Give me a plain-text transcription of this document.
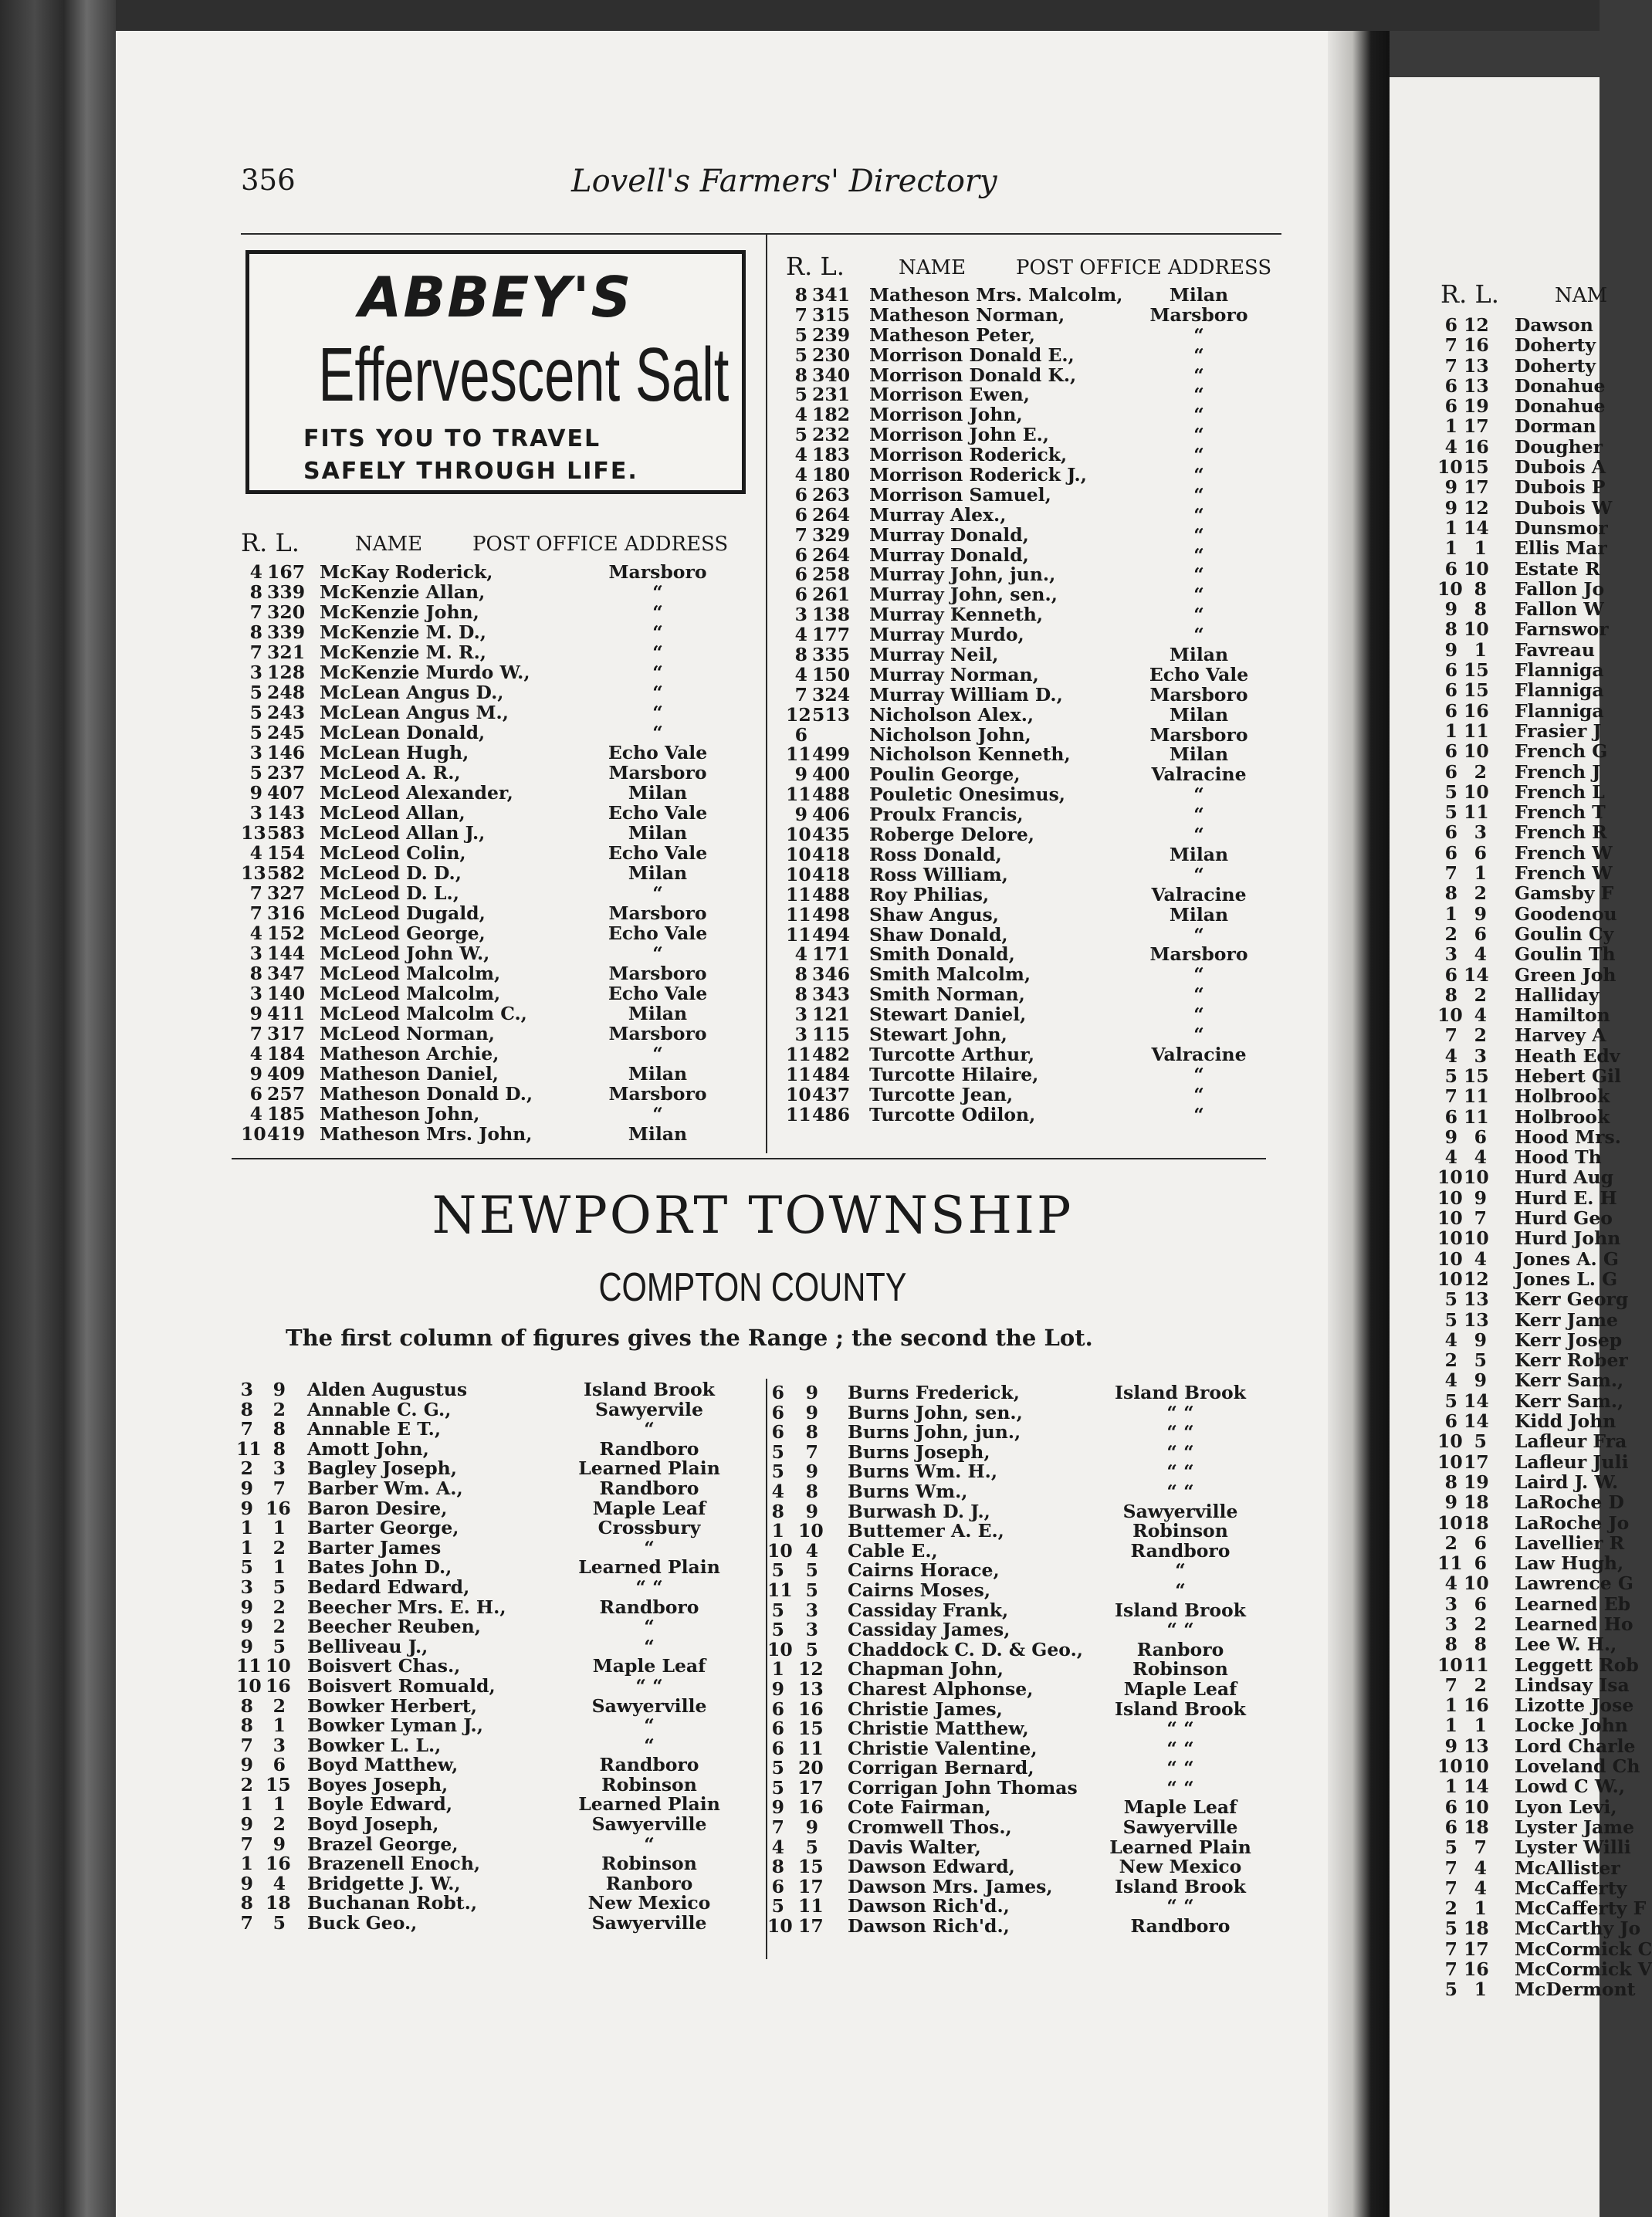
356	Lovell's Farmers' Directory
ABBEY'S
Effervescent Salt
FITS YOU TO TRAVEL
SAFELY THROUGH LIFE.
R. L.	NAME POST OFFICE ADDRESS
R. L.	NAME POST OFFICE ADDRESS
4 167 McKay Roderick,	Marsboro
8 339 McKenzie Allan,	“
7 320 McKenzie John,	“
8 339 McKenzie M. D.,	“
7 321 McKenzie M. R.,	“
3 128 McKenzie Murdo W.,	“
5 248 McLean Angus D.,	“
5 243 McLean Angus M.,	“
5 245 McLean Donald,	“
3 146 McLean Hugh,	Echo Vale
5 237 McLeod A. R.,	Marsboro
9 407 McLeod Alexander,	Milan
3 143 McLeod Allan,	Echo Vale
13 583 McLeod Allan J.,	Milan
4 154 McLeod Colin,	Echo Vale
13 582 McLeod D. D.,	Milan
7 327 McLeod D. L.,	“
7 316 McLeod Dugald,	Marsboro
4 152 McLeod George,	Echo Vale
3 144 McLeod John W.,	“
8 347 McLeod Malcolm,	Marsboro
3 140 McLeod Malcolm,	Echo Vale
9 411 McLeod Malcolm C.,	Milan
7 317 McLeod Norman,	Marsboro
4 184 Matheson Archie,	“
9 409 Matheson Daniel,	Milan
6 257 Matheson Donald D.,	Marsboro
4 185 Matheson John,	“
10 419 Matheson Mrs. John,	Milan
8 341 Matheson Mrs. Malcolm,	Milan
7 315 Matheson Norman,	Marsboro
5 239 Matheson Peter,	“
5 230 Morrison Donald E.,	“
8 340 Morrison Donald K.,	“
5 231 Morrison Ewen,	“
4 182 Morrison John,	“
5 232 Morrison John E.,	“
4 183 Morrison Roderick,	“
4 180 Morrison Roderick J.,	“
6 263 Morrison Samuel,	“
6 264 Murray Alex.,	“
7 329 Murray Donald,	“
6 264 Murray Donald,	“
6 258 Murray John, jun.,	“
6 261 Murray John, sen.,	“
3 138 Murray Kenneth,	“
4 177 Murray Murdo,	“
8 335 Murray Neil,	Milan
4 150 Murray Norman,	Echo Vale
7 324 Murray William D.,	Marsboro
12 513 Nicholson Alex.,	Milan
6	Nicholson John,	Marsboro
11 499 Nicholson Kenneth,	Milan
9 400 Poulin George,	Valracine
11 488 Pouletic Onesimus,	“
9 406 Proulx Francis,	“
10 435 Roberge Delore,	“
10 418 Ross Donald,	Milan
10 418 Ross William,	“
11 488 Roy Philias,	Valracine
11 498 Shaw Angus,	Milan
11 494 Shaw Donald,	“
4 171 Smith Donald,	Marsboro
8 346 Smith Malcolm,	“
8 343 Smith Norman,	“
3 121 Stewart Daniel,	“
3 115 Stewart John,	“
11 482 Turcotte Arthur,	Valracine
11 484 Turcotte Hilaire,	“
10 437 Turcotte Jean,	“
11 486 Turcotte Odilon,	“
NEWPORT TOWNSHIP
COMPTON COUNTY
The first column of figures gives the Range ; the second the Lot.
3	9 Alden Augustus	Island Brook
8	2 Annable C. G.,	Sawyervile
7	8 Annable E T.,	“
11 8 Amott John,	Randboro
2	3 Bagley Joseph,	Learned Plain
9	7 Barber Wm. A.,	Randboro
9 16 Baron Desire,	Maple Leaf
1	1 Barter George,	Crossbury
1	2 Barter James	“
5	1 Bates John D.,	Learned Plain
3	5 Bedard Edward,	“ “
9	2 Beecher Mrs. E. H.,	Randboro
9	2 Beecher Reuben,	“
9	5 Belliveau J.,	“
11 10 Boisvert Chas.,	Maple Leaf
10 16 Boisvert Romuald,	“ “
8	2 Bowker Herbert,	Sawyerville
8	1 Bowker Lyman J.,	“
7	3 Bowker L. L.,	“
9	6 Boyd Matthew,	Randboro
2 15 Boyes Joseph,	Robinson
1	1 Boyle Edward,	Learned Plain
9	2 Boyd Joseph,	Sawyerville
7	9 Brazel George,	“
1 16 Brazenell Enoch,	Robinson
9	4 Bridgette J. W.,	Ranboro
8 18 Buchanan Robt.,	New Mexico
7	5 Buck Geo.,	Sawyerville
6	9 Burns Frederick,	Island Brook
6	9 Burns John, sen.,	“ “
6	8 Burns John, jun.,	“ “
5	7 Burns Joseph,	“ “
5	9 Burns Wm. H.,	“ “
4	8 Burns Wm.,	“ “
8	9 Burwash D. J.,	Sawyerville
1 10 Buttemer A. E.,	Robinson
10 4 Cable E.,	Randboro
5	5 Cairns Horace,	“
11 5 Cairns Moses,	“
5	3 Cassiday Frank,	Island Brook
5	3 Cassiday James,	“ “
10 5 Chaddock C. D. & Geo.,	Ranboro
1 12 Chapman John,	Robinson
9 13 Charest Alphonse,	Maple Leaf
6 16 Christie James,	Island Brook
6 15 Christie Matthew,	“ “
6 11 Christie Valentine,	“ “
5 20 Corrigan Bernard,	“ “
5 17 Corrigan John Thomas	“ “
9 16 Cote Fairman,	Maple Leaf
7	9 Cromwell Thos.,	Sawyerville
4	5 Davis Walter,	Learned Plain
8 15 Dawson Edward,	New Mexico
6 17 Dawson Mrs. James,	Island Brook
5 11 Dawson Rich'd.,	“ “
10 17 Dawson Rich'd.,	Randboro
R. L.	NAM
6 12 Dawson
7 16 Doherty
7 13 Doherty
6 13 Donahue
6 19 Donahue
1 17 Dorman
4 16 Dougher
10 15 Dubois A
9 17 Dubois P
9 12 Dubois W
1 14 Dunsmor
1 1 Ellis Mar
6 10 Estate R
10 8 Fallon Jo
9 8 Fallon W
8 10 Farnswor
9 1 Favreau
6 15 Flanniga
6 15 Flanniga
6 16 Flanniga
1 11 Frasier J
6 10 French G
6 2 French J
5 10 French L
5 11 French T
6 3 French R
6 6 French W
7 1 French W
8 2 Gamsby F
1 9 Goodenou
2 6 Goulin Cy
3 4 Goulin Th
6 14 Green Joh
8 2 Halliday
10 4 Hamilton
7 2 Harvey A
4 3 Heath Edv
5 15 Hebert Gil
7 11 Holbrook
6 11 Holbrook
9 6 Hood Mrs.
4 4 Hood Th
10 10 Hurd Aug
10 9 Hurd E. H
10 7 Hurd Geo
10 10 Hurd John
10 4 Jones A. G
10 12 Jones L. G
5 13 Kerr Georg
5 13 Kerr Jame
4 9 Kerr Josep
2 5 Kerr Rober
4 9 Kerr Sam.,
5 14 Kerr Sam.,
6 14 Kidd John
10 5 Lafleur Fra
10 17 Lafleur Juli
8 19 Laird J. W.
9 18 LaRoche D
10 18 LaRoche Jo
2 6 Lavellier R
11 6 Law Hugh,
4 10 Lawrence G
3 6 Learned Eb
3 2 Learned Ho
8 8 Lee W. H.,
10 11 Leggett Rob
7 2 Lindsay Isa
1 16 Lizotte Jose
1 1 Locke John
9 13 Lord Charle
10 10 Loveland Ch
1 14 Lowd C W.,
6 10 Lyon Levi,
6 18 Lyster Jame
5 7 Lyster Willi
7 4 McAllister
7 4 McCafferty
2 1 McCafferty F
5 18 McCarthy Jo
7 17 McCormick C
7 16 McCormick V
5 1 McDermont
